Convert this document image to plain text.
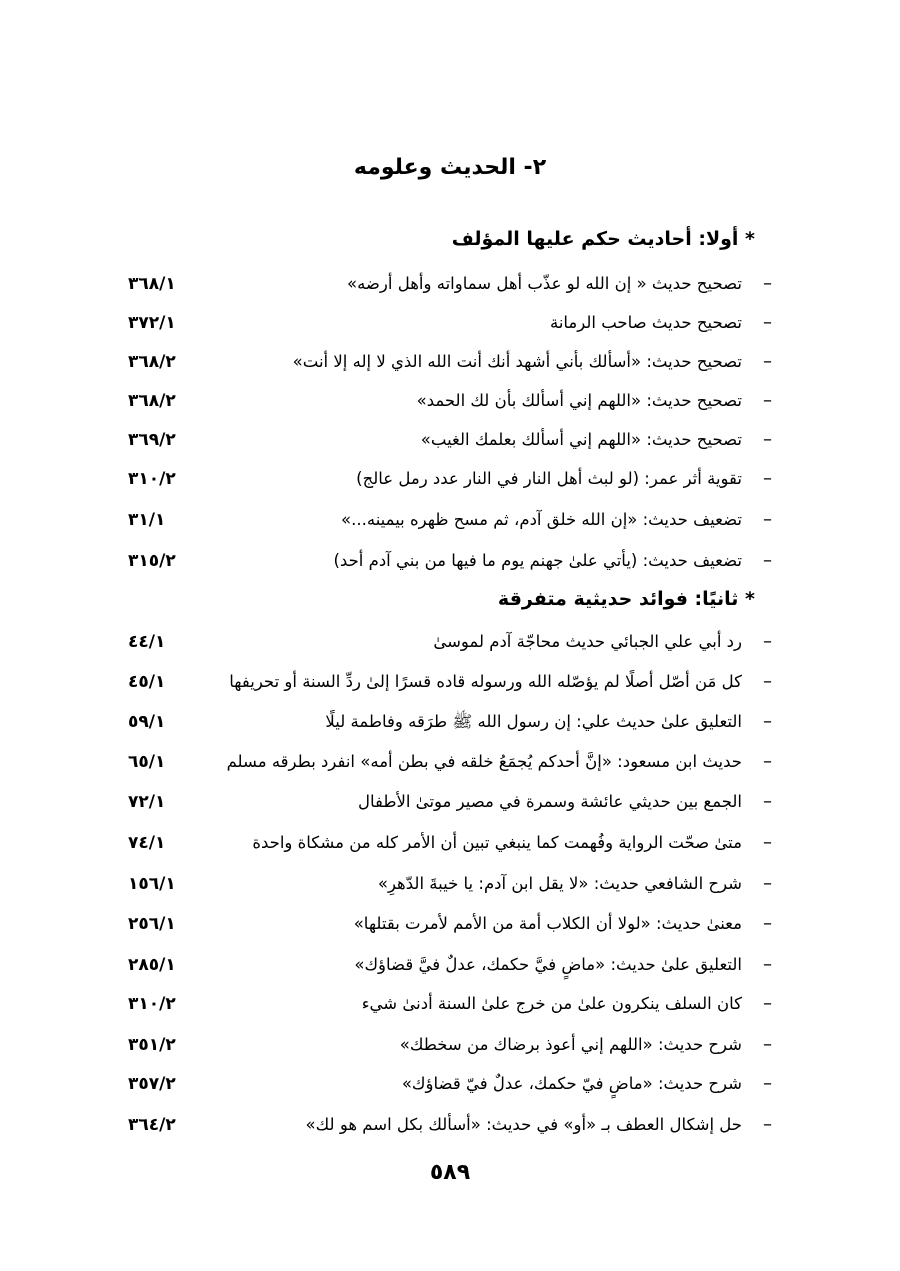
٢- الحديث وعلومه
* أولا: أحاديث حكم عليها المؤلف
–
تصحيح حديث « إن الله لو عذّب أهل سماواته وأهل أرضه»
٣٦٨/١
–
تصحيح حديث صاحب الرمانة
٣٧٢/١
–
تصحيح حديث: «أسألك بأني أشهد أنك أنت الله الذي لا إله إلا أنت»
٣٦٨/٢
–
تصحيح حديث: «اللهم إني أسألك بأن لك الحمد»
٣٦٨/٢
–
تصحيح حديث: «اللهم إني أسألك بعلمك الغيب»
٣٦٩/٢
–
تقوية أثر عمر: (لو لبث أهل النار في النار عدد رمل عالج)
٣١٠/٢
–
تضعيف حديث: «إن الله خلق آدم، ثم مسح ظهره بيمينه...»
٣١/١
–
تضعيف حديث: (يأتي علىٰ جهنم يوم ما فيها من بني آدم أحد)
٣١٥/٢
* ثانيًا: فوائد حديثية متفرقة
–
رد أبي علي الجبائي حديث محاجّة آدم لموسىٰ
٤٤/١
–
كل مَن أصّل أصلًا لم يؤصّله الله ورسوله قاده قسرًا إلىٰ ردِّ السنة أو تحريفها
٤٥/١
–
التعليق علىٰ حديث علي: إن رسول الله ﷺ طرَقه وفاطمة ليلًا
٥٩/١
–
حديث ابن مسعود: «إنَّ أحدكم يُجمَعُ خلقه في بطن أمه» انفرد بطرقه مسلم
٦٥/١
–
الجمع بين حديثي عائشة وسمرة في مصير موتىٰ الأطفال
٧٢/١
–
متىٰ صحّت الرواية وفُهمت كما ينبغي تبين أن الأمر كله من مشكاة واحدة
٧٤/١
–
شرح الشافعي حديث: «لا يقل ابن آدم: يا خيبةَ الدّهرِ»
١٥٦/١
–
معنىٰ حديث: «لولا أن الكلاب أمة من الأمم لأمرت بقتلها»
٢٥٦/١
–
التعليق علىٰ حديث: «ماضٍ فيَّ حكمك، عدلٌ فيَّ قضاؤك»
٢٨٥/١
–
كان السلف ينكرون علىٰ من خرج علىٰ السنة أدنىٰ شيء
٣١٠/٢
–
شرح حديث: «اللهم إني أعوذ برضاك من سخطك»
٣٥١/٢
–
شرح حديث: «ماضٍ فيّ حكمك، عدلٌ فيّ قضاؤك»
٣٥٧/٢
–
حل إشكال العطف بـ «أو» في حديث: «أسألك بكل اسم هو لك»
٣٦٤/٢
٥٨٩
